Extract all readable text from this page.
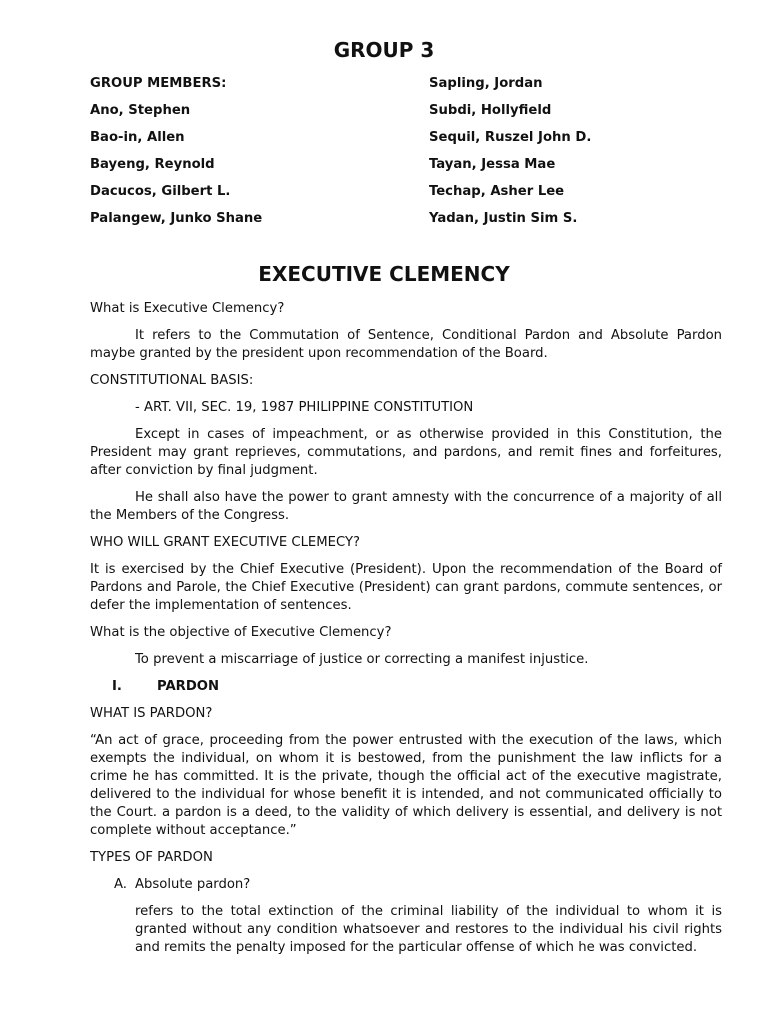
GROUP 3
GROUP MEMBERS:
Ano, Stephen
Bao-in, Allen
Bayeng, Reynold
Dacucos, Gilbert L.
Palangew, Junko Shane
Sapling, Jordan
Subdi, Hollyfield
Sequil, Ruszel John D.
Tayan, Jessa Mae
Techap, Asher Lee
Yadan, Justin Sim S.
EXECUTIVE CLEMENCY

What is Executive Clemency?

It refers to the Commutation of Sentence, Conditional Pardon and Absolute Pardon maybe granted by the president upon recommendation of the Board.

CONSTITUTIONAL BASIS:

- ART. VII, SEC. 19, 1987 PHILIPPINE CONSTITUTION

Except in cases of impeachment, or as otherwise provided in this Constitution, the President may grant reprieves, commutations, and pardons, and remit fines and forfeitures, after conviction by final judgment.

He shall also have the power to grant amnesty with the concurrence of a majority of all the Members of the Congress.

WHO WILL GRANT EXECUTIVE CLEMECY?

It is exercised by the Chief Executive (President). Upon the recommendation of the Board of Pardons and Parole, the Chief Executive (President) can grant pardons, commute sentences, or defer the implementation of sentences.

What is the objective of Executive Clemency?

To prevent a miscarriage of justice or correcting a manifest injustice.

I.	PARDON

WHAT IS PARDON?

“An act of grace, proceeding from the power entrusted with the execution of the laws, which exempts the individual, on whom it is bestowed, from the punishment the law inflicts for a crime he has committed. It is the private, though the official act of the executive magistrate, delivered to the individual for whose benefit it is intended, and not communicated officially to the Court. a pardon is a deed, to the validity of which delivery is essential, and delivery is not complete without acceptance.”

TYPES OF PARDON

A. Absolute pardon?

refers to the total extinction of the criminal liability of the individual to whom it is granted without any condition whatsoever and restores to the individual his civil rights and remits the penalty imposed for the particular offense of which he was convicted.
